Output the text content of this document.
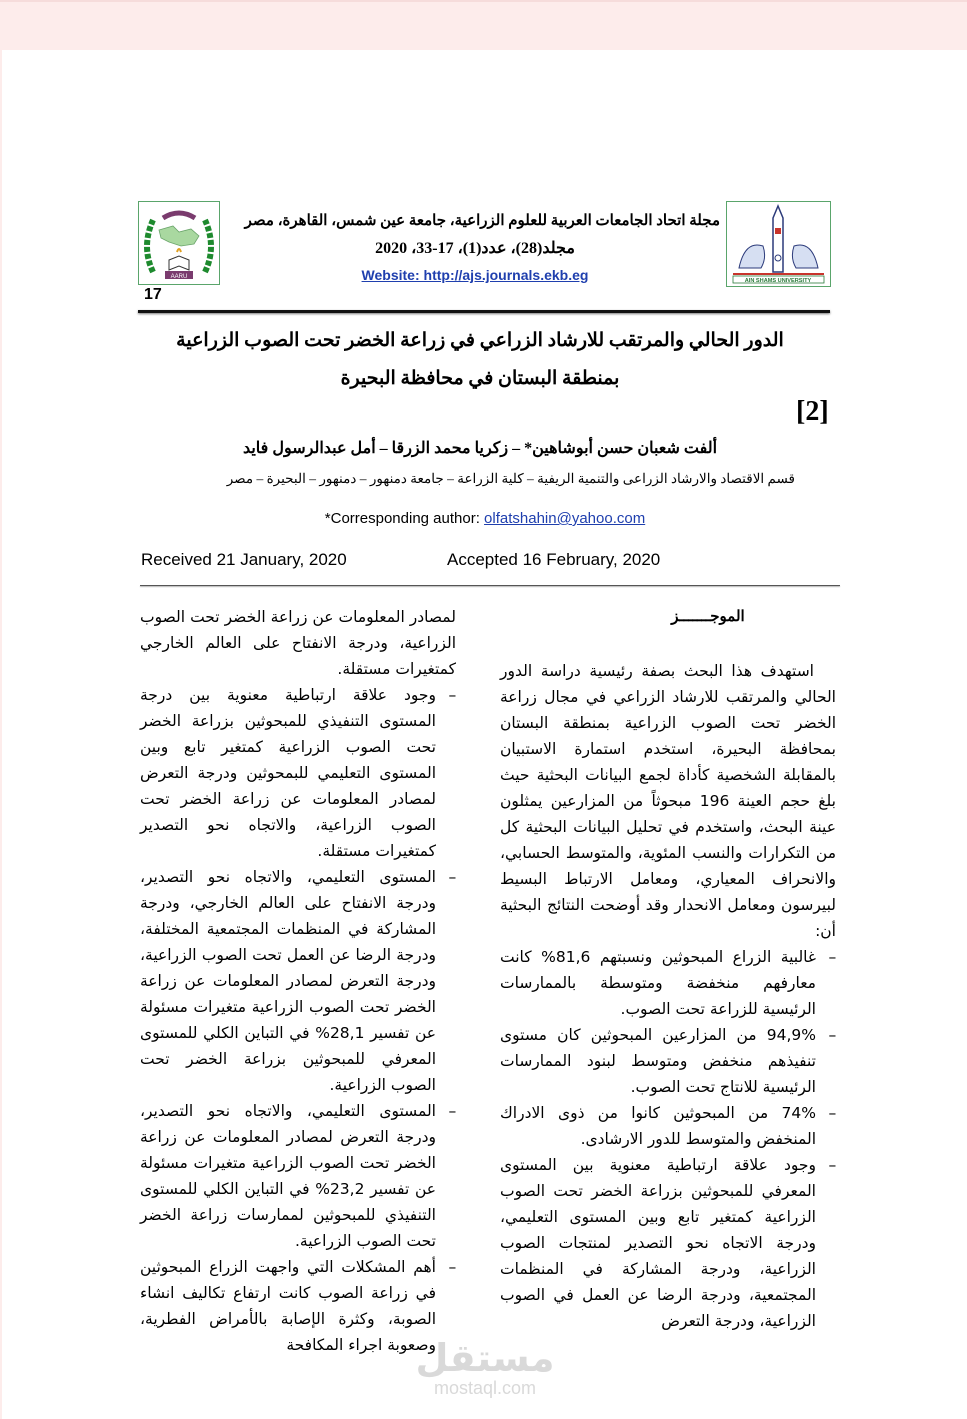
AARU
AIN SHAMS UNIVERSITY
مجلة اتحاد الجامعات العربية للعلوم الزراعية، جامعة عين شمس، القاهرة، مصر
مجلد(28)، عدد(1)، 17-33، 2020
Website: http://ajs.journals.ekb.eg
17
الدور الحالي والمرتقب للارشاد الزراعي في زراعة الخضر تحت الصوب الزراعية بمنطقة البستان في محافظة البحيرة
[2]
ألفت شعبان حسن أبوشاهين* – زكريا محمد الزرقا – أمل عبدالرسول فايد
قسم الاقتصاد والارشاد الزراعى والتنمية الريفية – كلية الزراعة – جامعة دمنهور – دمنهور – البحيرة – مصر
*Corresponding author: olfatshahin@yahoo.com
Received 21 January, 2020	Accepted 16 February, 2020
الموجـــــــز

استهدف هذا البحث بصفة رئيسية دراسة الدور الحالي والمرتقب للارشاد الزراعي في مجال زراعة الخضر تحت الصوب الزراعية بمنطقة البستان بمحافظة البحيرة، استخدم استمارة الاستبيان بالمقابلة الشخصية كأداة لجمع البيانات البحثية حيث بلغ حجم العينة 196 مبحوثاً من المزارعين يمثلون عينة البحث، واستخدم في تحليل البيانات البحثية كل من التكرارات والنسب المئوية، والمتوسط الحسابي، والانحراف المعياري، ومعامل الارتباط البسيط لبيرسون ومعامل الانحدار وقد أوضحت النتائج البحثية أن:

– غالبية الزراع المبحوثين ونسبتهم 81,6% كانت معارفهم منخفضة ومتوسطة بالممارسات الرئيسية للزراعة تحت الصوب.

– 94,9% من المزارعين المبحوثين كان مستوى تنفيذهم منخفض ومتوسط لبنود الممارسات الرئيسية للانتاج تحت الصوب.

– 74% من المبحوثين كانوا من ذوى الادراك المنخفض والمتوسط للدور الارشادى.

– وجود علاقة ارتباطية معنوية بين المستوى المعرفي للمبحوثين بزراعة الخضر تحت الصوب الزراعية كمتغير تابع وبين المستوى التعليمي، ودرجة الاتجاه نحو التصدير لمنتجات الصوب الزراعية، ودرجة المشاركة في المنظمات المجتمعية، ودرجة الرضا عن العمل في الصوب الزراعية، ودرجة التعرض

لمصادر المعلومات عن زراعة الخضر تحت الصوب الزراعية، ودرجة الانفتاح على العالم الخارجي كمتغيرات مستقلة.

– وجود علاقة ارتباطية معنوية بين درجة المستوى التنفيذي للمبحوثين بزراعة الخضر تحت الصوب الزراعية كمتغير تابع وبين المستوى التعليمي للبمحوثين ودرجة التعرض لمصادر المعلومات عن زراعة الخضر تحت الصوب الزراعية، والاتجاه نحو التصدير كمتغيرات مستقلة.

– المستوى التعليمي، والاتجاه نحو التصدير، ودرجة الانفتاح على العالم الخارجي، ودرجة المشاركة في المنظمات المجتمعية المختلفة، ودرجة الرضا عن العمل تحت الصوب الزراعية، ودرجة التعرض لمصادر المعلومات عن زراعة الخضر تحت الصوب الزراعية متغيرات مسئولة عن تفسير 28,1% في التباين الكلي للمستوى المعرفي للمبحوثين بزراعة الخضر تحت الصوب الزراعية.

– المستوى التعليمي، والاتجاه نحو التصدير، ودرجة التعرض لمصادر المعلومات عن زراعة الخضر تحت الصوب الزراعية متغيرات مسئولة عن تفسير 23,2% في التباين الكلي للمستوى التنفيذي للمبحوثين لممارسات زراعة الخضر تحت الصوب الزراعية.

– أهم المشكلات التي واجهت الزراع المبحوثين في زراعة الصوب كانت ارتفاع تكاليف انشاء الصوبة، وكثرة الإصابة بالأمراض الفطرية، وصعوبة اجراء المكافحة

مستقل
mostaql.com
